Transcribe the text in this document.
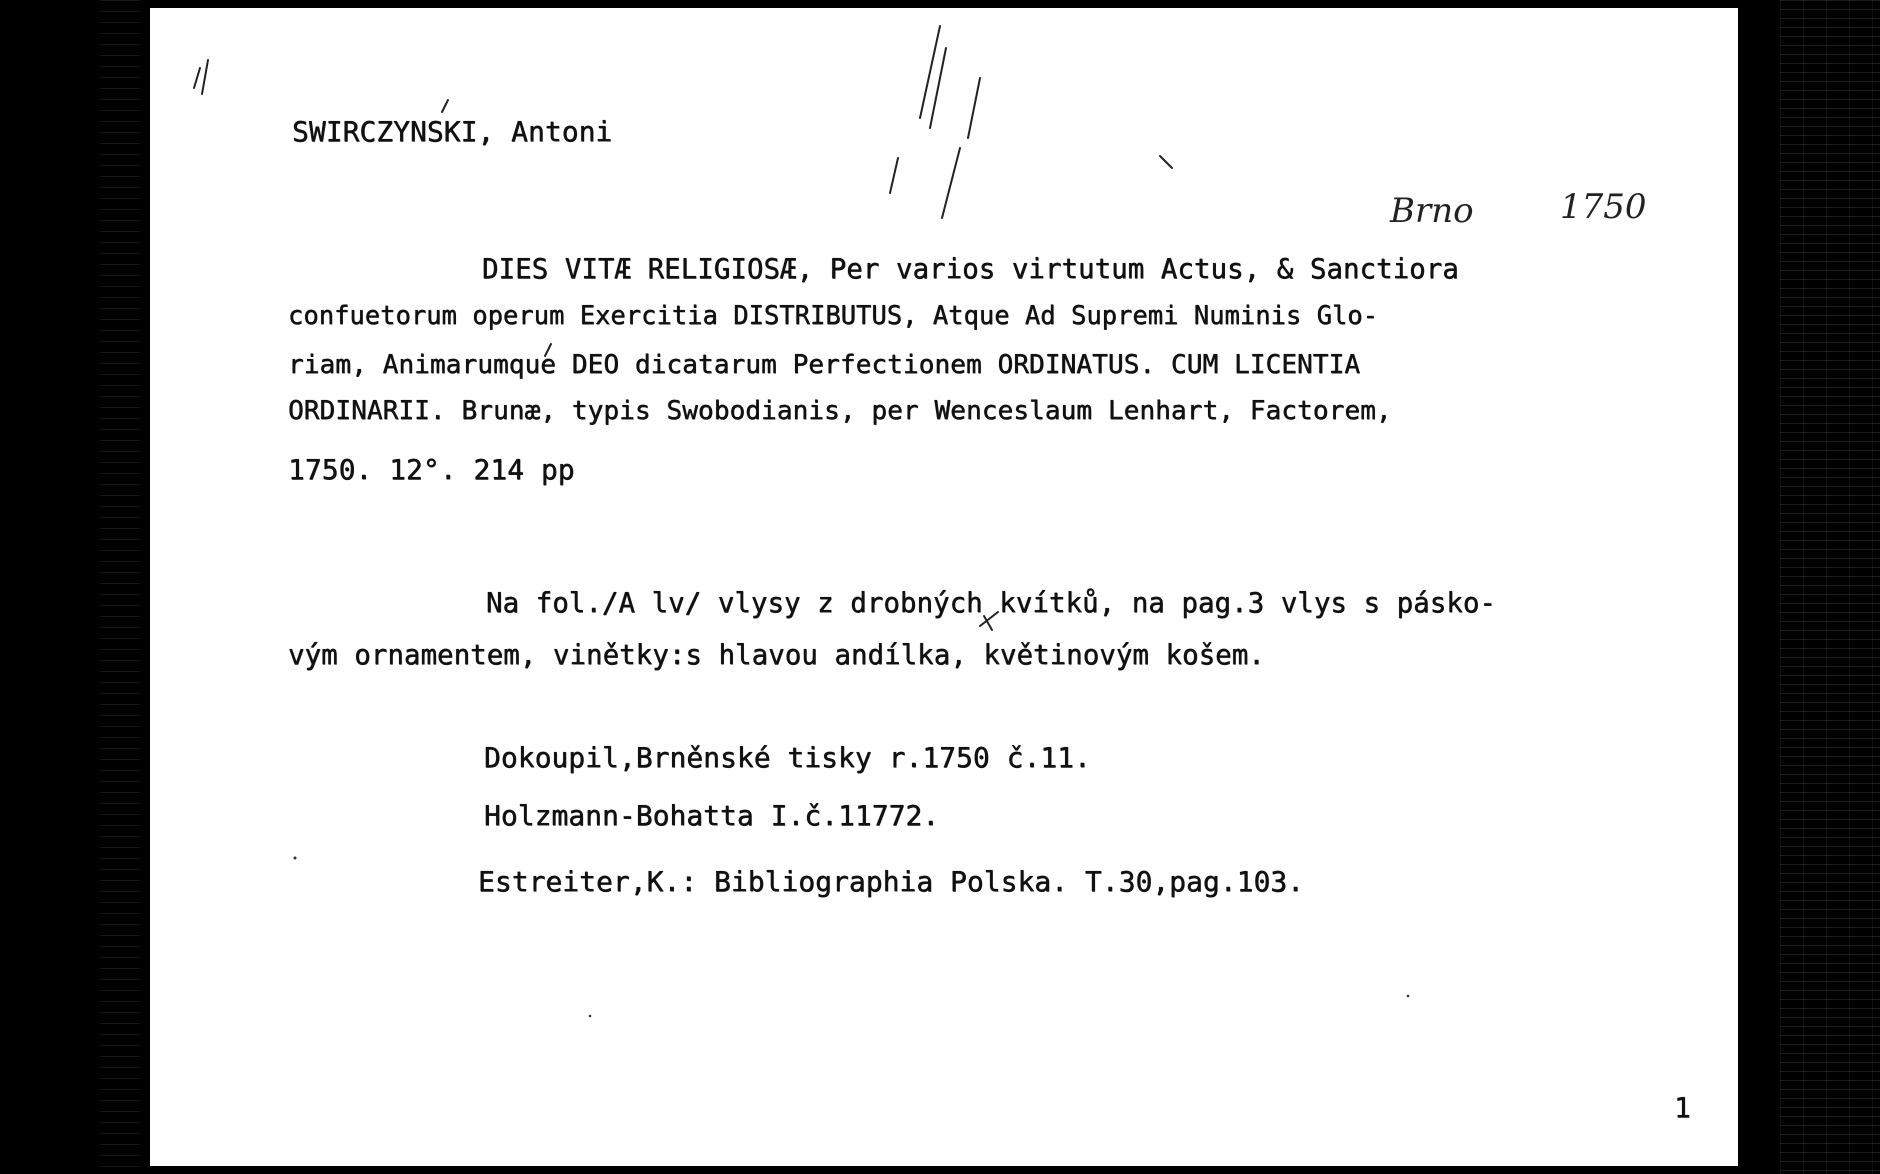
SWIRCZYNSKI, Antoni
Brno	1750
DIES VITÆ RELIGIOSÆ, Per varios virtutum Actus, & Sanctiora
confuetorum operum Exercitia DISTRIBUTUS, Atque Ad Supremi Numinis Glo-
riam, Animarumque DEO dicatarum Perfectionem ORDINATUS. CUM LICENTIA
ORDINARII. Brunæ, typis Swobodianis, per Wenceslaum Lenhart, Factorem,
1750. 12°. 214 pp
Na fol./A lv/ vlysy z drobných kvítků, na pag.3 vlys s pásko-
vým ornamentem, vinětky:s hlavou andílka, květinovým košem.
Dokoupil,Brněnské tisky r.1750 č.11.
Holzmann-Bohatta I.č.11772.
Estreiter,K.: Bibliographia Polska. T.30,pag.103.
1
